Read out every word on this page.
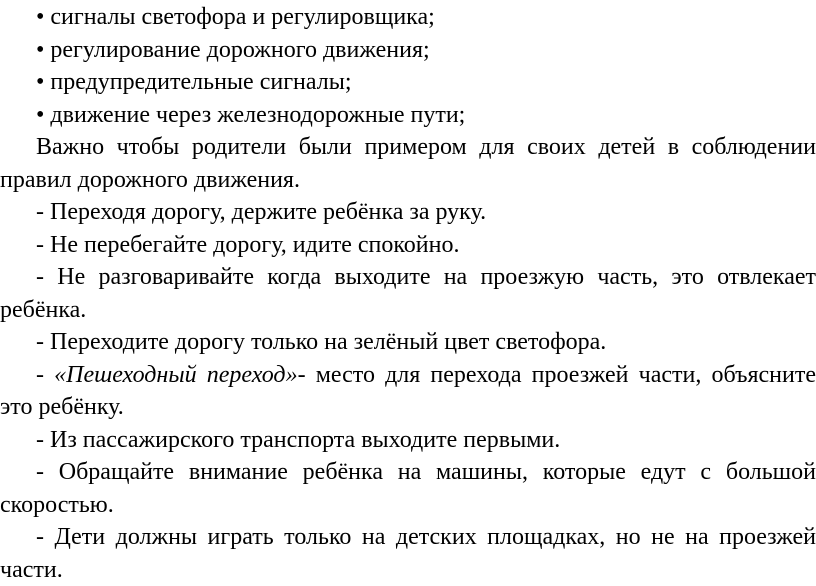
• сигналы светофора и регулировщика;
• регулирование дорожного движения;
• предупредительные сигналы;
• движение через железнодорожные пути;
Важно чтобы родители были примером для своих детей в соблюдении
правил дорожного движения.
- Переходя дорогу, держите ребёнка за руку.
- Не перебегайте дорогу, идите спокойно.
- Не разговаривайте когда выходите на проезжую часть, это отвлекает
ребёнка.
- Переходите дорогу только на зелёный цвет светофора.
- «Пешеходный переход»- место для перехода проезжей части, объясните
это ребёнку.
- Из пассажирского транспорта выходите первыми.
- Обращайте внимание ребёнка на машины, которые едут с большой
скоростью.
- Дети должны играть только на детских площадках, но не на проезжей
части.
